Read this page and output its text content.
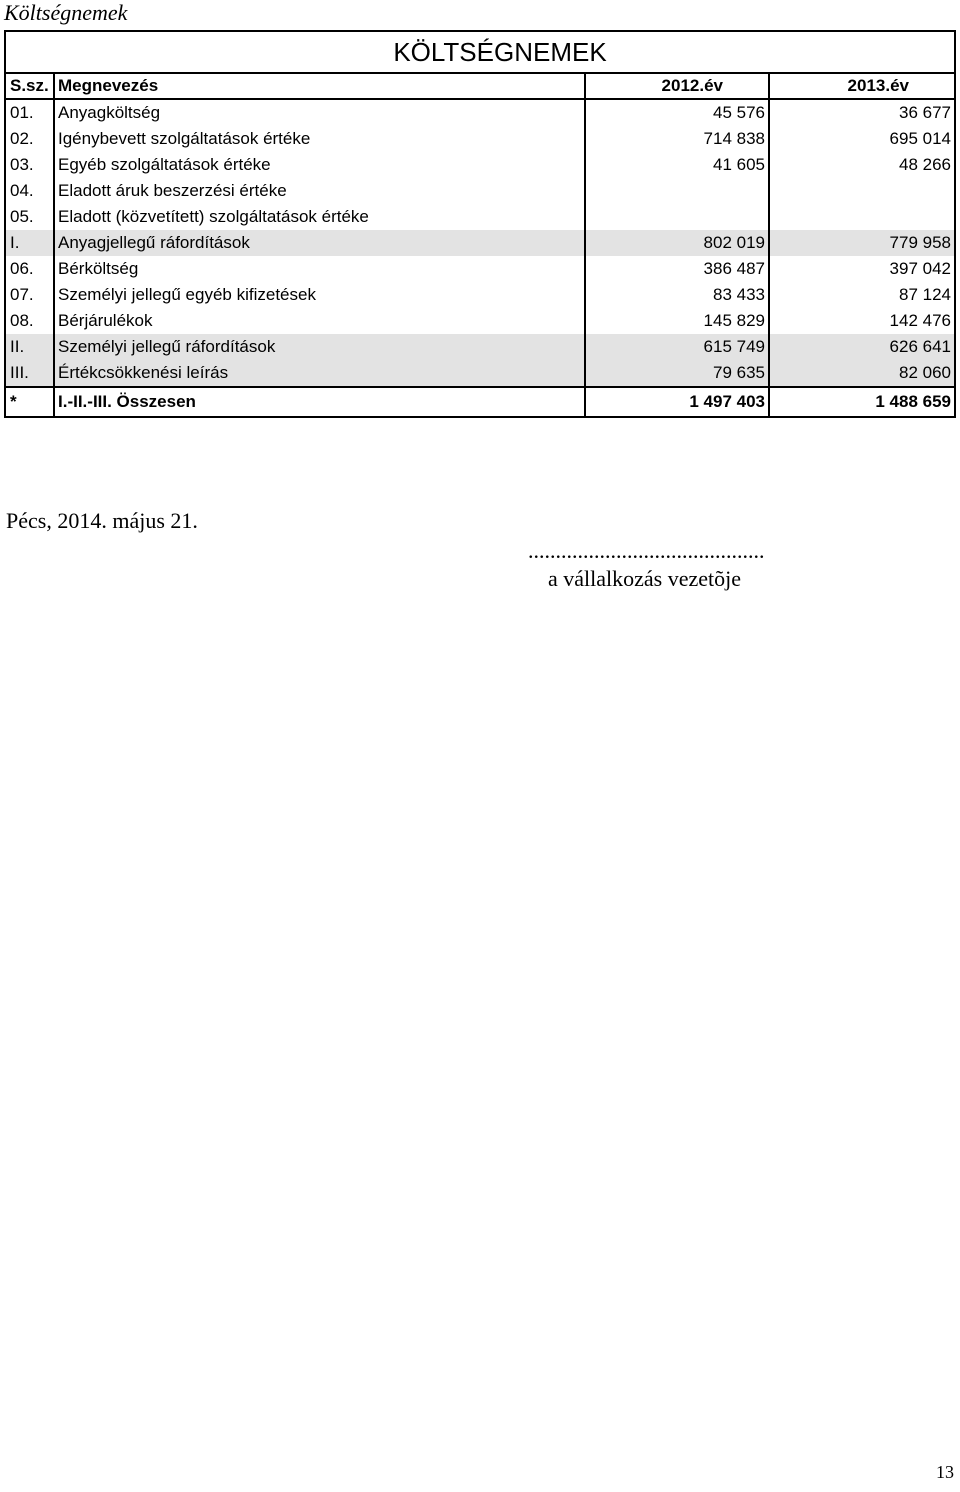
Költségnemek
KÖLTSÉGNEMEK
S.sz. Megnevezés	2012.év	2013.év
01.	Anyagköltség	45 576	36 677
02.	Igénybevett szolgáltatások értéke	714 838	695 014
03.	Egyéb szolgáltatások értéke	41 605	48 266
04.	Eladott áruk beszerzési értéke
05.	Eladott (közvetített) szolgáltatások értéke
I.	Anyagjellegű ráfordítások	802 019	779 958
06.	Bérköltség	386 487	397 042
07.	Személyi jellegű egyéb kifizetések	83 433	87 124
08.	Bérjárulékok	145 829	142 476
II.	Személyi jellegű ráfordítások	615 749	626 641
III.	Értékcsökkenési leírás	79 635	82 060
*	I.-II.-III. Összesen	1 497 403	1 488 659
Pécs, 2014. május 21.
...........................................
a vállalkozás vezetõje
13
